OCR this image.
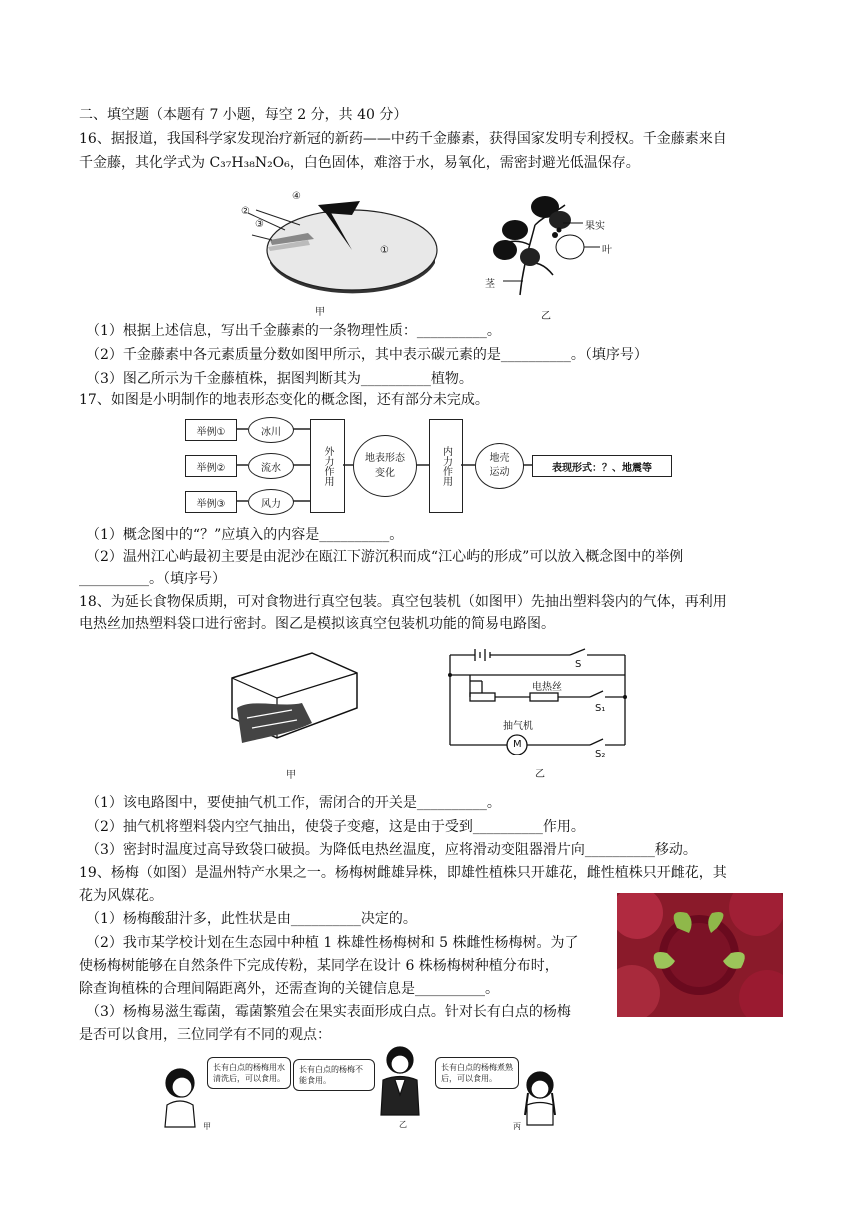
二、填空题（本题有 7 小题，每空 2 分，共 40 分）
16、据报道，我国科学家发现治疗新冠的新药——中药千金藤素，获得国家发明专利授权。千金藤素来自
千金藤，其化学式为 C₃₇H₃₈N₂O₆，白色固体，难溶于水，易氧化，需密封避光低温保存。
①
②
③
④
甲
果实
叶
茎
乙
（1）根据上述信息，写出千金藤素的一条物理性质：__________。
（2）千金藤素中各元素质量分数如图甲所示，其中表示碳元素的是__________。（填序号）
（3）图乙所示为千金藤植株，据图判断其为__________植物。
17、如图是小明制作的地表形态变化的概念图，还有部分未完成。
举例①
举例②
举例③
冰川
流水
风力
外力作用	地表形态变化	内力作用	地壳运动	表现形式：？、地震等
（1）概念图中的“？”应填入的内容是__________。
（2）温州江心屿最初主要是由泥沙在瓯江下游沉积而成“江心屿的形成”可以放入概念图中的举例
__________。（填序号）
18、为延长食物保质期，可对食物进行真空包装。真空包装机（如图甲）先抽出塑料袋内的气体，再利用
电热丝加热塑料袋口进行密封。图乙是模拟该真空包装机功能的简易电路图。
甲
S
电热丝
S₁
抽气机
M
S₂
乙
（1）该电路图中，要使抽气机工作，需闭合的开关是__________。
（2）抽气机将塑料袋内空气抽出，使袋子变瘪，这是由于受到__________作用。
（3）密封时温度过高导致袋口破损。为降低电热丝温度，应将滑动变阻器滑片向__________移动。
19、杨梅（如图）是温州特产水果之一。杨梅树雌雄异株，即雄性植株只开雄花，雌性植株只开雌花，其
花为风媒花。
（1）杨梅酸甜汁多，此性状是由__________决定的。
（2）我市某学校计划在生态园中种植 1 株雄性杨梅树和 5 株雌性杨梅树。为了
使杨梅树能够在自然条件下完成传粉，某同学在设计 6 株杨梅树种植分布时，
除查询植株的合理间隔距离外，还需查询的关键信息是__________。
（3）杨梅易滋生霉菌，霉菌繁殖会在果实表面形成白点。针对长有白点的杨梅
是否可以食用，三位同学有不同的观点：
长有白点的杨梅用水清洗后，可以食用。
长有白点的杨梅不能食用。
长有白点的杨梅煮熟后，可以食用。
甲	乙	丙
